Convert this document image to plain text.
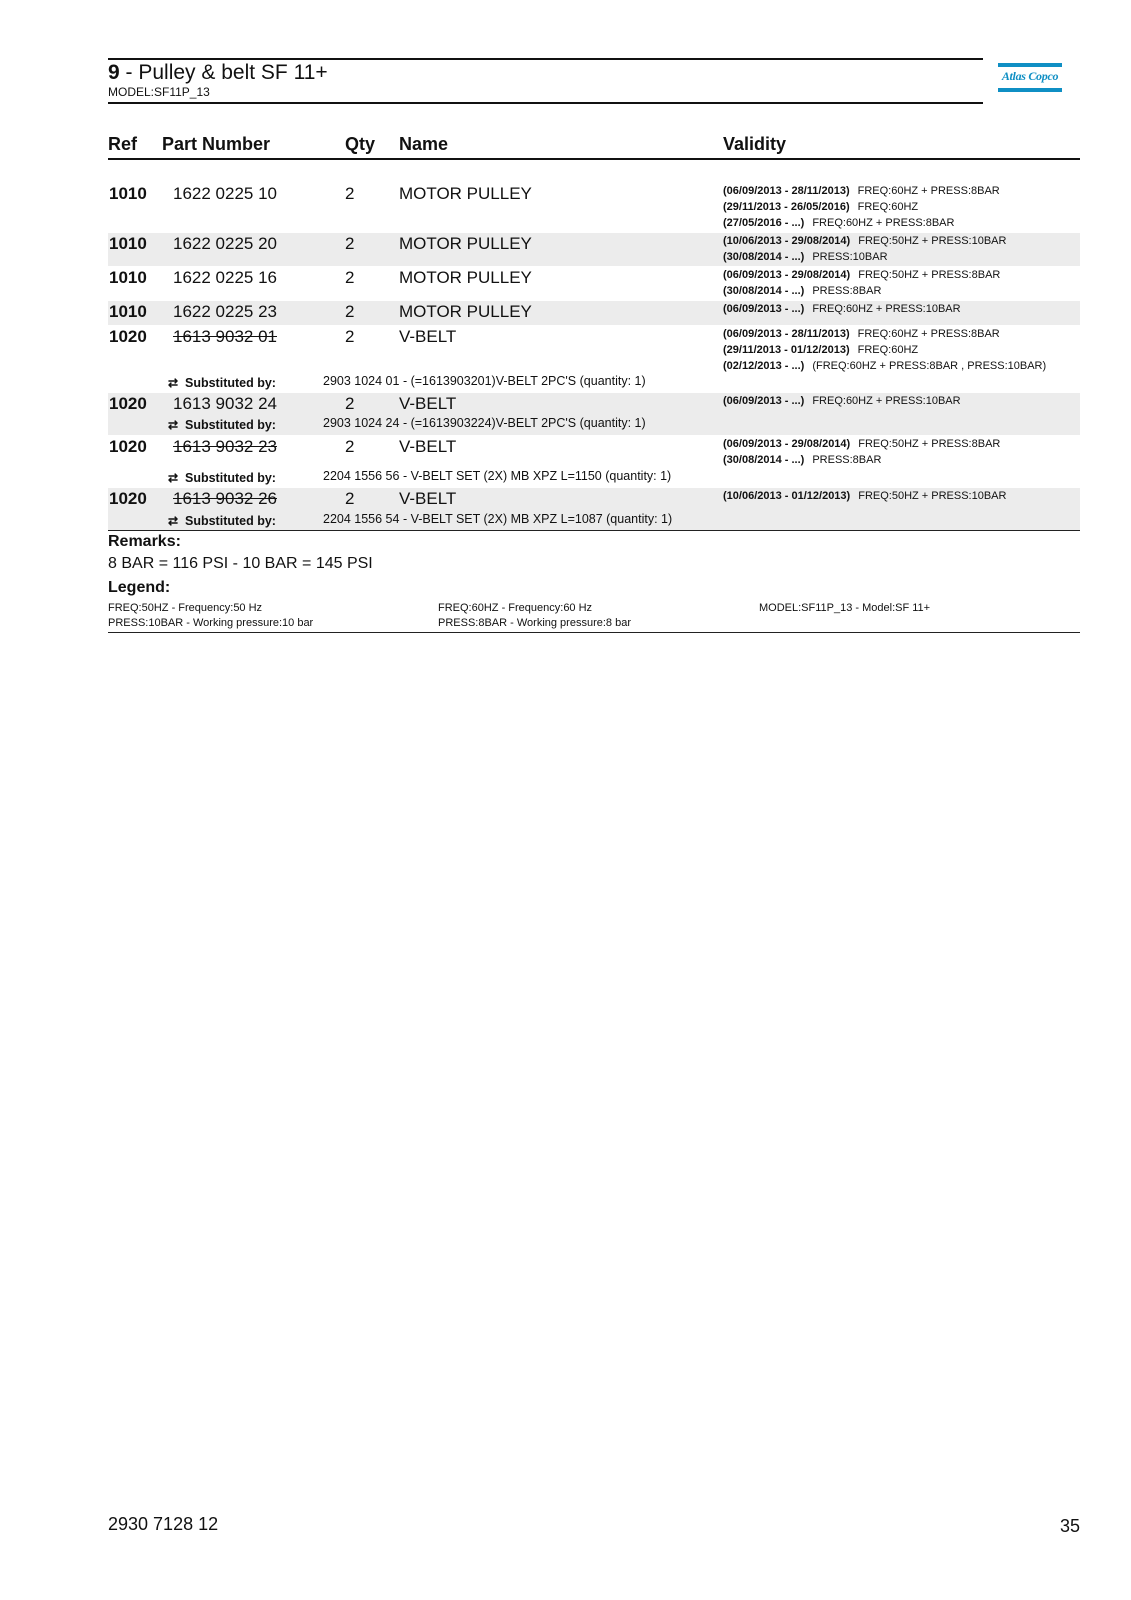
9 - Pulley & belt SF 11+
MODEL:SF11P_13
Atlas Copco
Ref Part Number	Qty Name	Validity
1010 1622 0225 10	2	MOTOR PULLEY	(06/09/2013 - 28/11/2013) FREQ:60HZ + PRESS:8BAR
(29/11/2013 - 26/05/2016) FREQ:60HZ
(27/05/2016 - ...) FREQ:60HZ + PRESS:8BAR
1010 1622 0225 20	2	MOTOR PULLEY	(10/06/2013 - 29/08/2014) FREQ:50HZ + PRESS:10BAR
(30/08/2014 - ...) PRESS:10BAR
1010 1622 0225 16	2	MOTOR PULLEY	(06/09/2013 - 29/08/2014) FREQ:50HZ + PRESS:8BAR
(30/08/2014 - ...) PRESS:8BAR
1010 1622 0225 23	2	MOTOR PULLEY	(06/09/2013 - ...) FREQ:60HZ + PRESS:10BAR
1020 1613 9032 01	2	V-BELT	(06/09/2013 - 28/11/2013) FREQ:60HZ + PRESS:8BAR
(29/11/2013 - 01/12/2013) FREQ:60HZ
(02/12/2013 - ...) (FREQ:60HZ + PRESS:8BAR , PRESS:10BAR)
⇄ Substituted by:	2903 1024 01 - (=1613903201)V-BELT 2PC'S (quantity: 1)
1020 1613 9032 24	2	V-BELT	(06/09/2013 - ...) FREQ:60HZ + PRESS:10BAR
⇄ Substituted by:	2903 1024 24 - (=1613903224)V-BELT 2PC'S (quantity: 1)
1020 1613 9032 23	2	V-BELT	(06/09/2013 - 29/08/2014) FREQ:50HZ + PRESS:8BAR
(30/08/2014 - ...) PRESS:8BAR
⇄ Substituted by:	2204 1556 56 - V-BELT SET (2X) MB XPZ L=1150 (quantity: 1)
1020 1613 9032 26	2	V-BELT	(10/06/2013 - 01/12/2013) FREQ:50HZ + PRESS:10BAR
⇄ Substituted by:	2204 1556 54 - V-BELT SET (2X) MB XPZ L=1087 (quantity: 1)
Remarks:
8 BAR = 116 PSI - 10 BAR = 145 PSI
Legend:
FREQ:50HZ - Frequency:50 Hz	FREQ:60HZ - Frequency:60 Hz	MODEL:SF11P_13 - Model:SF 11+
PRESS:10BAR - Working pressure:10 bar	PRESS:8BAR - Working pressure:8 bar
2930 7128 12	35
